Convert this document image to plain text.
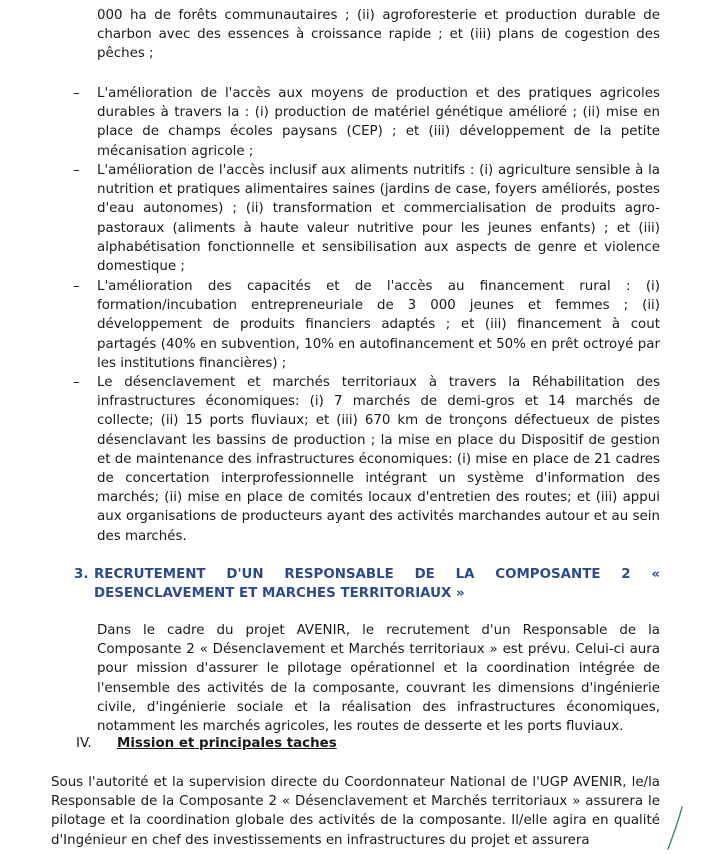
000 ha de forêts communautaires ; (ii) agroforesterie et production durable de charbon avec des essences à croissance rapide ; et (iii) plans de cogestion des pêches ;
– L'amélioration de l'accès aux moyens de production et des pratiques agricoles durables à travers la : (i) production de matériel génétique amélioré ; (ii) mise en place de champs écoles paysans (CEP) ; et (iii) développement de la petite mécanisation agricole ;
– L'amélioration de l'accès inclusif aux aliments nutritifs : (i) agriculture sensible à la nutrition et pratiques alimentaires saines (jardins de case, foyers améliorés, postes d'eau autonomes) ; (ii) transformation et commercialisation de produits agro-pastoraux (aliments à haute valeur nutritive pour les jeunes enfants) ; et (iii) alphabétisation fonctionnelle et sensibilisation aux aspects de genre et violence domestique ;
– L'amélioration des capacités et de l'accès au financement rural : (i) formation/incubation entrepreneuriale de 3 000 jeunes et femmes ; (ii) développement de produits financiers adaptés ; et (iii) financement à cout partagés (40% en subvention, 10% en autofinancement et 50% en prêt octroyé par les institutions financières) ;
– Le désenclavement et marchés territoriaux à travers la Réhabilitation des infrastructures économiques: (i) 7 marchés de demi-gros et 14 marchés de collecte; (ii) 15 ports fluviaux; et (iii) 670 km de tronçons défectueux de pistes désenclavant les bassins de production ; la mise en place du Dispositif de gestion et de maintenance des infrastructures économiques: (i) mise en place de 21 cadres de concertation interprofessionnelle intégrant un système d'information des marchés; (ii) mise en place de comités locaux d'entretien des routes; et (iii) appui aux organisations de producteurs ayant des activités marchandes autour et au sein des marchés.
3. RECRUTEMENT D'UN RESPONSABLE DE LA COMPOSANTE 2 « DESENCLAVEMENT ET MARCHES TERRITORIAUX »
Dans le cadre du projet AVENIR, le recrutement d'un Responsable de la Composante 2 « Désenclavement et Marchés territoriaux » est prévu. Celui-ci aura pour mission d'assurer le pilotage opérationnel et la coordination intégrée de l'ensemble des activités de la composante, couvrant les dimensions d'ingénierie civile, d'ingénierie sociale et la réalisation des infrastructures économiques, notamment les marchés agricoles, les routes de desserte et les ports fluviaux.
IV. Mission et principales taches
Sous l'autorité et la supervision directe du Coordonnateur National de l'UGP AVENIR, le/la Responsable de la Composante 2 « Désenclavement et Marchés territoriaux » assurera le pilotage et la coordination globale des activités de la composante. Il/elle agira en qualité d'Ingénieur en chef des investissements en infrastructures du projet et assurera
